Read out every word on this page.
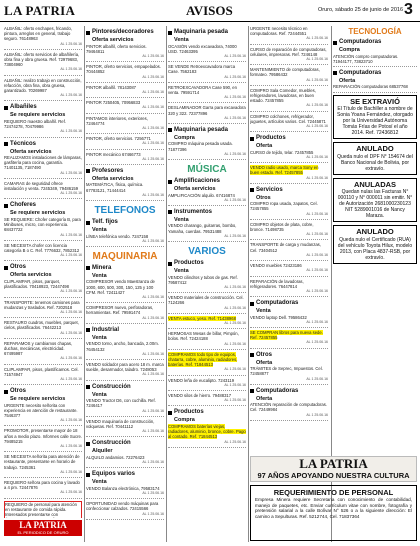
LA PATRIA	AVISOS	Oruro, sábado 25 de junio de 2016 3
ALBAÑIL: oferto enchapes, fricando, pintura, arreglos en general, trabajo seguro. 76148963
AL 1 25.06.16
ALBAÑIL: oferto servicios de albañilería, obra fina y obra gruesa. Ref. 72979683, 73804960
AL 1 25.06.16
ALBAÑIL: realizo trabajo en construcción, refacción, obra fina, obra gruesa, garantizado. 70269987
AL 1 25.06.16
Albañiles
Se requiere servicios
REQUIERO maestro albañil. Ref. 72474278, 70479986
AL 1 25.06.16
Técnicos
Oferta servicios
REALIZAMOS instalaciones de lámparas, gasfitería para cocina, garantía. 71401135, 7187490
AL 1 25.06.16
CAMARAS de seguridad ofrece instalación y venta. 7245349, 79486159
AL 1 25.06.16
Choferes
Se requiere servicios
SE REQUIERE: Chofer categoría B, para Minibuses, micro, con experiencia. 68437722
AL 1 25.06.16
SE NECESITA chofer con licencia categoría B o C. Ref. 7776632, 7852312
AL 1 25.06.16
Otros
Oferta servicios
CLIPLAMPAR, pisos, parquet, plastificados. 70418923, 72447498
AL 1 25.06.16
TRANSPORTE: tenemos camiones para mudanzas y traslados. Ref. 7202518
AL 1 25.06.16
RESTAURO cuadros, muebles, parquet, cielos, plastificados. 76442213
AL 1 25.06.16
REPARAMOS y cambiamos chapas, duchas, mecánicas, electricidad. 67495987
AL 1 25.06.16
CLIPLAMPAR, pisos, plastificamos. Cel. 71574947
AL 1 25.06.16
Otros
Se requiere servicios
URGENTE necesito señorita con experiencia en atención de restaurante. 7546377
AL 1 25.06.16
PROMOTOR, presentarse mayor de 18 años a medio plazo. Informes calle Sucre. 79485215
AL 1 25.06.16
SE NECESITA señorita para atención de restaurante, presentarse en horario de trabajo. 7245361
AL 1 25.06.16
REQUIERO señora para cocina y lavado a 4 pm. 72447876
AL 1 25.06.16
REQUIERO de personal para atención en restaurante de comida rápida. Interesados presentarse con
Pintores/decoradores
Oferta servicios
PINTOR albañil, oferto servicios. 79464811
AL 1 25.06.16
PINTOR, oferto servicios, empapelados. 70444852
AL 1 25.06.16
PINTOR albañil. 78143087
AL 1 25.06.16
PINTOR 7250405, 70956833
AL 1 25.06.16
PINTAMOS interiores, exteriores, 72464774
AL 1 25.06.16
PINTOR, oferto servicios. 7256771
AL 1 25.06.16
PINTOR mecánico 67466773
AL 1 25.06.16
Profesores
Oferta servicios
MATEMÁTICA, física, química. 67783121, 71444414
AL 1 25.06.16
TELEFONOS
Telf. fijos
Venta
LÍNEA telefónica vendo. 7247158
AL 1 25.06.16
MAQUINARIA
Minera
Venta
COMPRESOR vendo Maestranza de 1000, 600, 500, 300, 150, 125 y 100 CFM. Ref. 72411427
AL 1 25.06.16
COMPRESOR nuevo, perforadoras, herramientas. Ref. 79591474
AL 1 25.06.16
Industrial
Venta
VENDO torno, ancho, bancada, 2.00m. 76454132
AL 1 25.06.16
VENDO soldador para acero 18 m. marca suelde, desarmador, taladro. 7248053
AL 1 25.06.16
Construcción
Venta
VENDO Tractor D6, con cuchilla. Ref. 7246417
AL 1 25.06.16
VENDO maquinaria de construcción, volquetas. Ref. 70441112
AL 1 25.06.16
Construcción
Alquiler
ALQUILO andamios. 72276423
AL 1 25.06.16
Equipos varios
Venta
VENDO Balanza electrónica, 79583174
AL 1 25.06.16
OPORTUNIDAD vendo máquinas para confeccionar calzados. 72415566
AL 1 25.06.16
Maquinaria pesada
Venta
OCASIÓN vendo excavadora, 74000 USD. 72463395
AL 1 25.06.16
SE VENDE Retroexcavadora marca Case. 7562183
AL 1 25.06.16
RETROEXCAVADORA Case 590, en venta. 79591714
AL 1 25.06.16
DESLAMINADOR Garra para excavadora 320 y 322. 72377896
AL 1 25.06.16
Maquinaria pesada
Compra
COMPRO máquina pesada usada. 71877396
AL 1 25.06.16
MÚSICA
Amplificaciones
Oferta servicios
AMPLIFICACIÓN alquilo. 67416874
AL 1 25.06.16
Instrumentos
Venta
VENDO charango, guitarras, bombo, Yamaha, cuerdas. 79531488
AL 1 25.06.16
VARIOS
Productos
Venta
VENDO cilindros y tubos de gas. Ref. 79587412
AL 1 25.06.16
VENDO materiales de construcción. Cel. 7124266
AL 1 25.06.16
VENTA estuco, yeso. Ref. 71438968
AL 1 25.06.16
HERMOSAS Mesas de billar, Pimpón, bolos. Ref. 72424188
AL 1 25.06.16
COMPRAMOS todo tipo de equipos, chatarra, cobre, aluminio, radiadores, baterías. Ref. 71844513
AL 1 25.06.16
VENDO leña de eucalipto. 7243119
AL 1 25.06.16
VENDO silos de hierro. 79488317
AL 1 25.06.16
Productos
Compra
COMPRAMOS baterías viejas, radiadores, aluminio, bronce, cobre. Pago al contado. Ref. 71844513
AL 1 25.06.16
URGENTE necesito técnico en computadoras. Ref. 72444551
AL 1 25.06.16
CURSO de reparación de computadoras, celulares, impresoras. Ref. 7246148
AL 1 25.06.16
MANTENIMIENTO de computadoras, formateo. 79586432
AL 1 25.06.16
COMPRO Sala Comedor, muebles, refrigeradores, lavadoras, en buen estado. 72457855
AL 1 25.06.16
COMPRO colchones, refrigerador, juguetes, artículos varios. Cel. 72445871
AL 1 25.06.16
Productos
Oferta
CURSO de tejido, telar. 72457855
AL 1 25.06.16
VENDO radio usado, marca Sony en buen estado. Ref. 72457855
AL 1 25.06.16
Servicios
Otros
COMPRO ropa usada, zapatos, Cel. 72457855
AL 1 25.06.16
COMPRO objetos de plata, cobre, bronce. 71498735
AL 1 25.06.16
TRANSPORTE de carga y mudanzas, Cel. 73404512
AL 1 25.06.16
VENDO muebles 72423186
AL 1 25.06.16
REPARACIÓN de lavadoras, refrigeradores. 76447814
AL 1 25.06.16
Computadoras
Venta
VENDO laptop Dell. 79586432
AL 1 25.06.16
SE COMPRAN libros para nueva sede. Ref. 72457855
AL 1 25.06.16
Otros
Oferta
TRÁMITES de Seprec, Impuestos. Cel. 72458877
AL 1 25.06.16
Computadoras
Oferta
ATENCIÓN reparación de computadoras. Cel. 72449984
AL 1 25.06.16
TECNOLOGÍA
Computadoras
Compra
ATENCIÓN compro computadoras. 71944177, 73823710
Computadoras
Oferta
REPARACIÓN computadoras 68537768
SE EXTRAVIÓ
El Título de Bachiller a nombre de Sonia Yoana Fernández, otorgado por la Universidad Autónoma Tomás Frías de Potosí el año 2014. Ref. 72436812
ANULADO
Queda nulo el DPF N° 154674 del Banco Nacional de Bolivia, por extravío.
ANULADAS
Quedan nulas las Facturas N° 000110 y N° 000011 sin emitir. N° de Autorización 2681000230123 NIT 5289001016 de Nancy Maraza.
ANULADO
Queda nulo el Certificado (RUA) del vehículo Toyota Hilux, modelo 2013, con Placa 4837-RSB, por extravío.
LA PATRIA
97 AÑOS APOYANDO NUESTRA CULTURA
REQUERIMIENTO DE PERSONAL
Empresa Minera requiere Secretaria con conocimiento de contabilidad, manejo de paquetes, etc. Enviar currículum vitae con nombre, fotografía y pretensión salarial a la calle Bolívar N° 526 o a la siguiente dirección: El camino a Sepulturas. Ref. 5212744, Cel. 71837364
LA PATRIA
EL PERIODICO DE ORURO
